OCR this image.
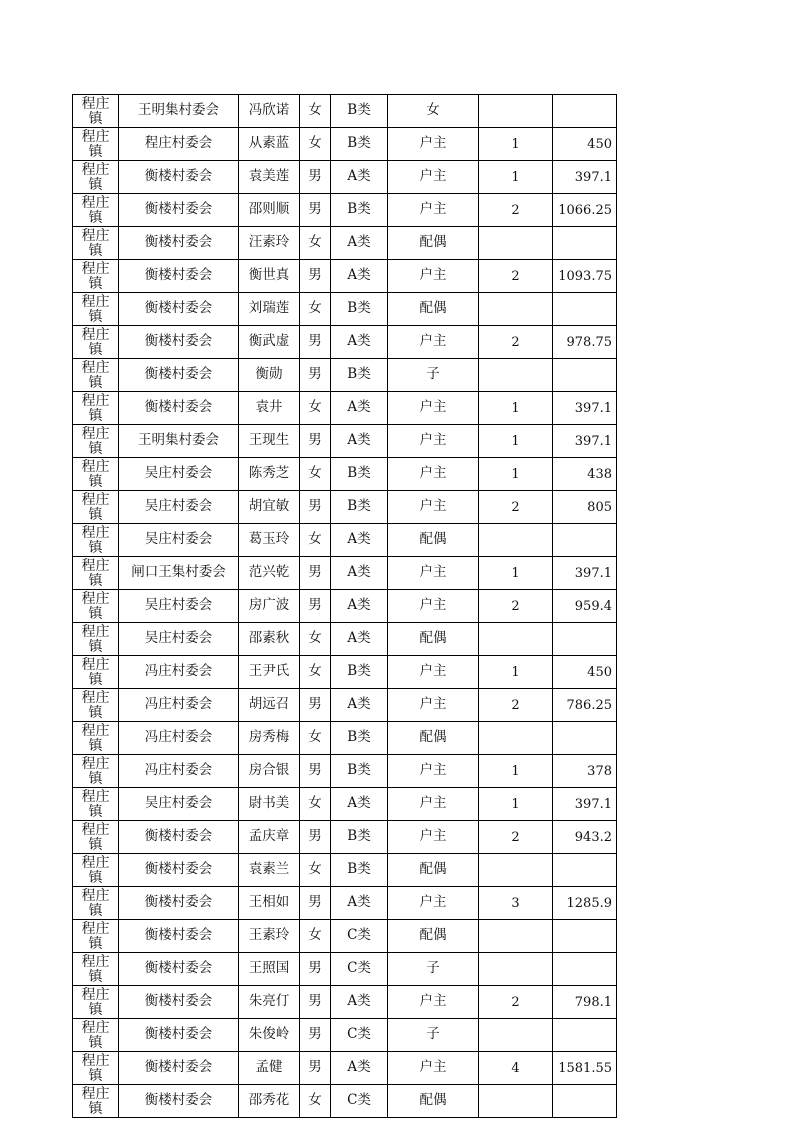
程庄镇	王明集村委会	冯欣诺	女	B类	女		
程庄镇	程庄村委会	从素蓝	女	B类	户主	1	450
程庄镇	衡楼村委会	袁美莲	男	A类	户主	1	397.1
程庄镇	衡楼村委会	邵则顺	男	B类	户主	2	1066.25
程庄镇	衡楼村委会	汪素玲	女	A类	配偶		
程庄镇	衡楼村委会	衡世真	男	A类	户主	2	1093.75
程庄镇	衡楼村委会	刘瑞莲	女	B类	配偶		
程庄镇	衡楼村委会	衡武虚	男	A类	户主	2	978.75
程庄镇	衡楼村委会	衡勋	男	B类	子		
程庄镇	衡楼村委会	袁井	女	A类	户主	1	397.1
程庄镇	王明集村委会	王现生	男	A类	户主	1	397.1
程庄镇	吴庄村委会	陈秀芝	女	B类	户主	1	438
程庄镇	吴庄村委会	胡宜敏	男	B类	户主	2	805
程庄镇	吴庄村委会	葛玉玲	女	A类	配偶		
程庄镇	闸口王集村委会	范兴乾	男	A类	户主	1	397.1
程庄镇	吴庄村委会	房广波	男	A类	户主	2	959.4
程庄镇	吴庄村委会	邵素秋	女	A类	配偶		
程庄镇	冯庄村委会	王尹氏	女	B类	户主	1	450
程庄镇	冯庄村委会	胡远召	男	A类	户主	2	786.25
程庄镇	冯庄村委会	房秀梅	女	B类	配偶		
程庄镇	冯庄村委会	房合银	男	B类	户主	1	378
程庄镇	吴庄村委会	尉书美	女	A类	户主	1	397.1
程庄镇	衡楼村委会	孟庆章	男	B类	户主	2	943.2
程庄镇	衡楼村委会	袁素兰	女	B类	配偶		
程庄镇	衡楼村委会	王相如	男	A类	户主	3	1285.9
程庄镇	衡楼村委会	王素玲	女	C类	配偶		
程庄镇	衡楼村委会	王照国	男	C类	子		
程庄镇	衡楼村委会	朱亮仃	男	A类	户主	2	798.1
程庄镇	衡楼村委会	朱俊岭	男	C类	子		
程庄镇	衡楼村委会	孟健	男	A类	户主	4	1581.55
程庄镇	衡楼村委会	邵秀花	女	C类	配偶		
